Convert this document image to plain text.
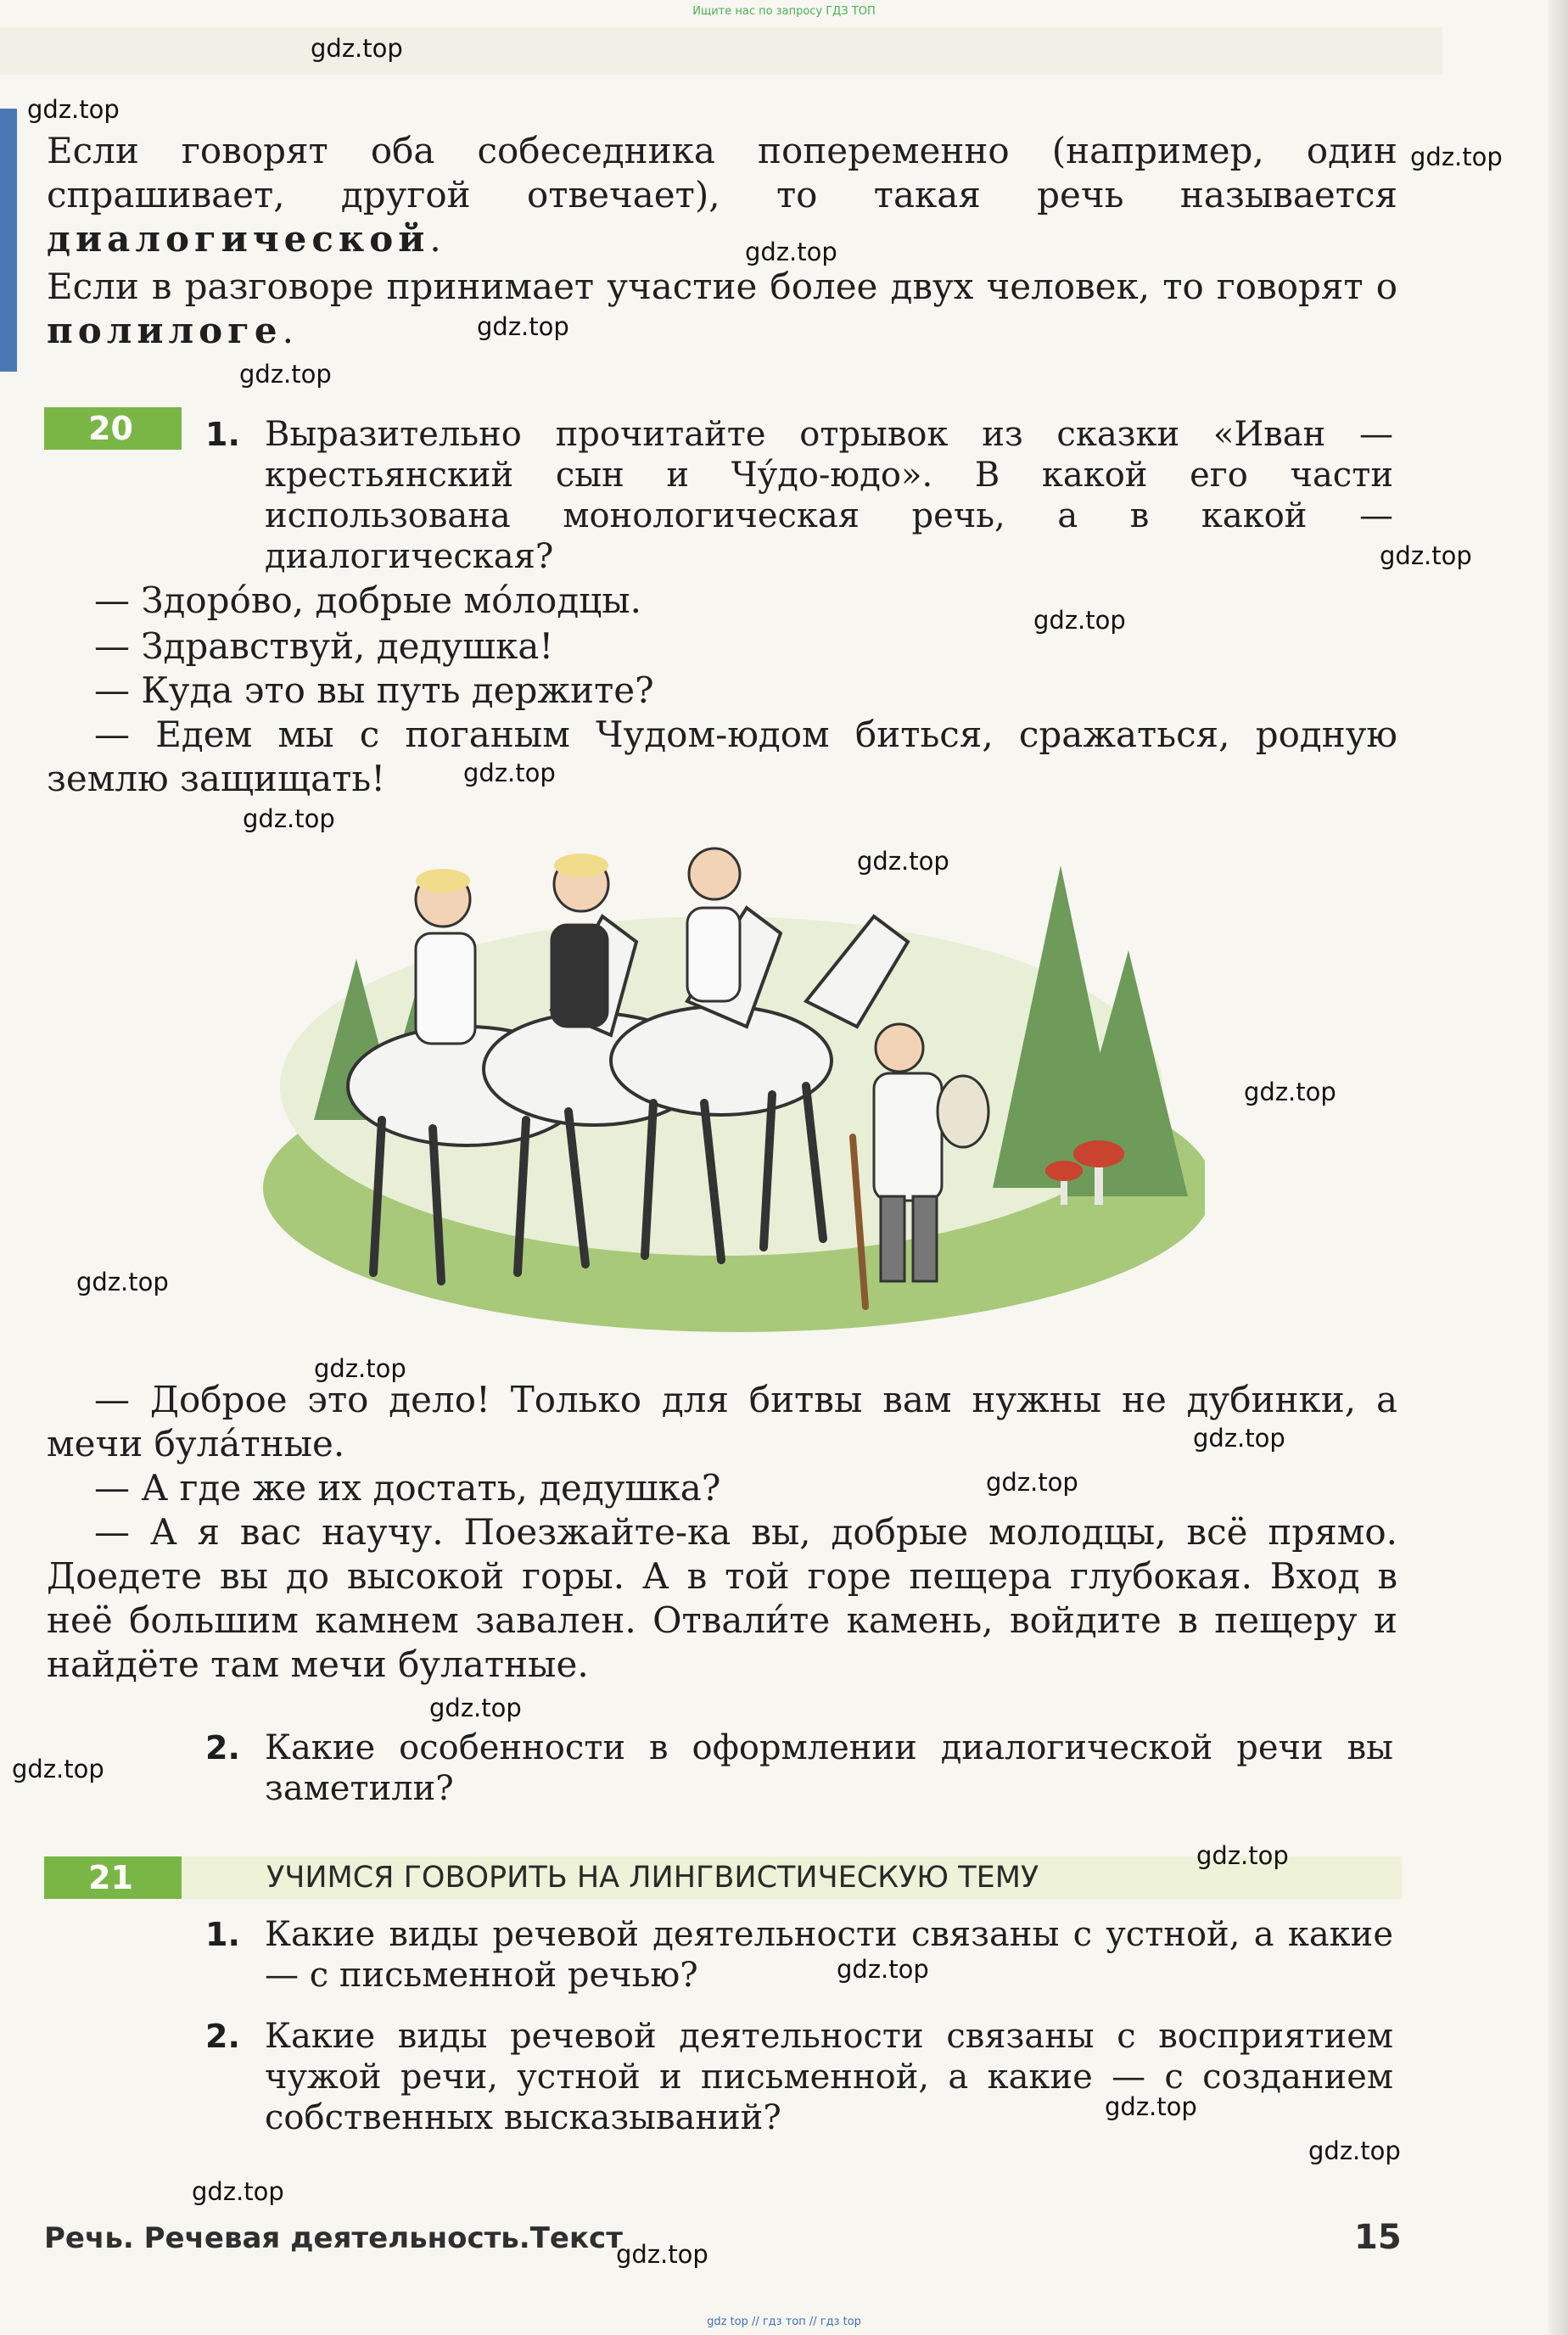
Ищите нас по запросу ГДЗ ТОП
Если говорят оба собеседника попеременно (например, один спрашивает, другой отвечает), то такая речь называется диалогической.
Если в разговоре принимает участие более двух человек, то говорят о полилоге.
20	1. Выразительно прочитайте отрывок из сказки «Иван — крестьянский сын и Чу́до-юдо». В какой его части использована монологическая речь, а в какой — диалогическая?
— Здоро́во, добрые мо́лодцы.
— Здравствуй, дедушка!
— Куда это вы путь держите?
— Едем мы с поганым Чудом-юдом биться, сражаться, родную землю защищать!
— Доброе это дело! Только для битвы вам нужны не дубинки, а мечи була́тные.
— А где же их достать, дедушка?
— А я вас научу. Поезжайте-ка вы, добрые молодцы, всё прямо. Доедете вы до высокой горы. А в той горе пещера глубокая. Вход в неё большим камнем завален. Отвали́те камень, войдите в пещеру и найдёте там мечи булатные.
2. Какие особенности в оформлении диалогической речи вы заметили?
21	УЧИМСЯ ГОВОРИТЬ НА ЛИНГВИСТИЧЕСКУЮ ТЕМУ
1. Какие виды речевой деятельности связаны с устной, а какие — с письменной речью?
2. Какие виды речевой деятельности связаны с восприятием чужой речи, устной и письменной, а какие — с созданием собственных высказываний?
Речь. Речевая деятельность.Текст	15
gdz top // гдз топ // гдз top
gdz.top
gdz.top
gdz.top
gdz.top
gdz.top
gdz.top
gdz.top
gdz.top
gdz.top
gdz.top
gdz.top
gdz.top
gdz.top
gdz.top
gdz.top
gdz.top
gdz.top
gdz.top
gdz.top
gdz.top
gdz.top
gdz.top
gdz.top
gdz.top
